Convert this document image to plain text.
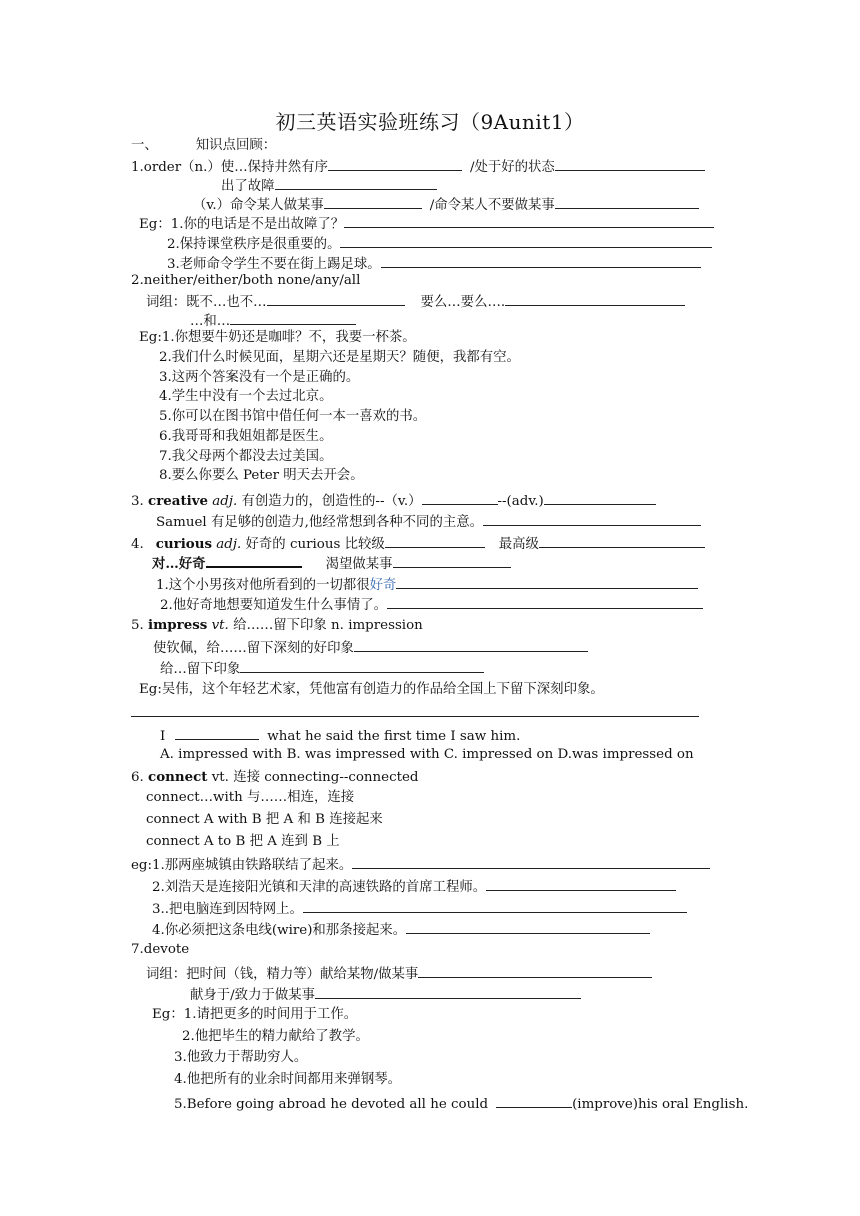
初三英语实验班练习（9Aunit1）
一、	知识点回顾：
1.order（n.）使…保持井然有序	/处于好的状态
出了故障
（v.）命令某人做某事	/命令某人不要做某事
Eg：1.你的电话是不是出故障了？
2.保持课堂秩序是很重要的。
3.老师命令学生不要在街上踢足球。
2.neither/either/both none/any/all
词组：既不…也不…	要么…要么….
…和…
Eg:1.你想要牛奶还是咖啡？不，我要一杯茶。
2.我们什么时候见面，星期六还是星期天？随便，我都有空。
3.这两个答案没有一个是正确的。
4.学生中没有一个去过北京。
5.你可以在图书馆中借任何一本一喜欢的书。
6.我哥哥和我姐姐都是医生。
7.我父母两个都没去过美国。
8.要么你要么 Peter 明天去开会。
3. creative adj. 有创造力的，创造性的--（v.）	--(adv.)
Samuel 有足够的创造力,他经常想到各种不同的主意。
4. curious adj. 好奇的 curious 比较级	最高级
对…好奇	渴望做某事
1.这个小男孩对他所看到的一切都很好奇
2.他好奇地想要知道发生什么事情了。
5. impress vt. 给……留下印象 n. impression
使钦佩，给……留下深刻的好印象
给…留下印象
Eg:吴伟，这个年轻艺术家，凭他富有创造力的作品给全国上下留下深刻印象。
I	what he said the first time I saw him.
A. impressed with B. was impressed with C. impressed on D.was impressed on
6. connect vt. 连接 connecting--connected
connect…with 与……相连，连接
connect A with B 把 A 和 B 连接起来
connect A to B 把 A 连到 B 上
eg:1.那两座城镇由铁路联结了起来。
2.刘浩天是连接阳光镇和天津的高速铁路的首席工程师。
3..把电脑连到因特网上。
4.你必须把这条电线(wire)和那条接起来。
7.devote
词组：把时间（钱，精力等）献给某物/做某事
献身于/致力于做某事
Eg：1.请把更多的时间用于工作。
2.他把毕生的精力献给了教学。
3.他致力于帮助穷人。
4.他把所有的业余时间都用来弹钢琴。
5.Before going abroad he devoted all he could	(improve)his oral English.
